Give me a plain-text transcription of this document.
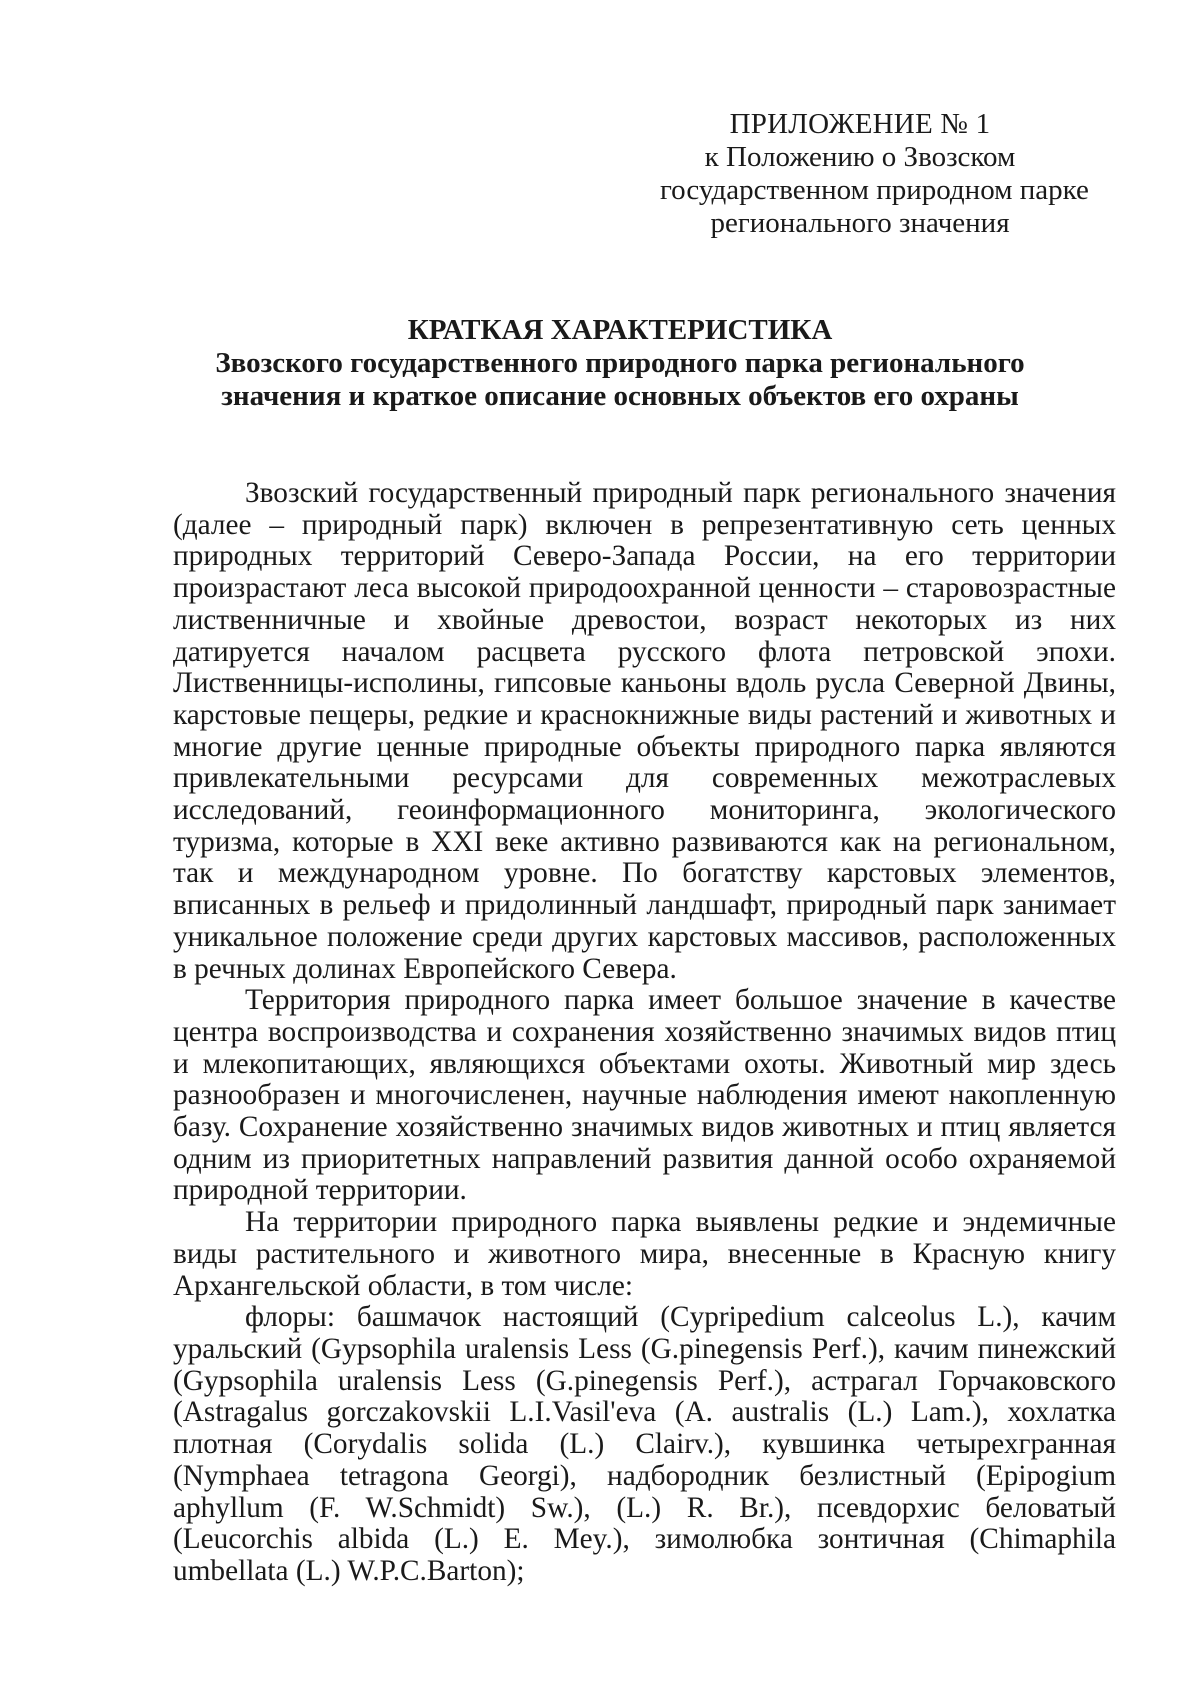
ПРИЛОЖЕНИЕ № 1
к Положению о Звозском
государственном природном парке
регионального значения
КРАТКАЯ ХАРАКТЕРИСТИКА
Звозского государственного природного парка регионального
значения и краткое описание основных объектов его охраны

Звозский государственный природный парк регионального значения (далее – природный парк) включен в репрезентативную сеть ценных природных территорий Северо-Запада России, на его территории произрастают леса высокой природоохранной ценности – старовозрастные лиственничные и хвойные древостои, возраст некоторых из них датируется началом расцвета русского флота петровской эпохи. Лиственницы-исполины, гипсовые каньоны вдоль русла Северной Двины, карстовые пещеры, редкие и краснокнижные виды растений и животных и многие другие ценные природные объекты природного парка являются привлекательными ресурсами для современных межотраслевых исследований, геоинформационного мониторинга, экологического туризма, которые в XXI веке активно развиваются как на региональном, так и международном уровне. По богатству карстовых элементов, вписанных в рельеф и придолинный ландшафт, природный парк занимает уникальное положение среди других карстовых массивов, расположенных в речных долинах Европейского Севера.

Территория природного парка имеет большое значение в качестве центра воспроизводства и сохранения хозяйственно значимых видов птиц и млекопитающих, являющихся объектами охоты. Животный мир здесь разнообразен и многочисленен, научные наблюдения имеют накопленную базу. Сохранение хозяйственно значимых видов животных и птиц является одним из приоритетных направлений развития данной особо охраняемой природной территории.

На территории природного парка выявлены редкие и эндемичные виды растительного и животного мира, внесенные в Красную книгу Архангельской области, в том числе:

флоры: башмачок настоящий (Cypripedium calceolus L.), качим уральский (Gypsophila uralensis Less (G.pinegensis Perf.), качим пинежский (Gypsophila uralensis Less (G.pinegensis Perf.), астрагал Горчаковского (Astragalus gorczakovskii L.I.Vasil'eva (A. australis (L.) Lam.), хохлатка плотная (Corydalis solida (L.) Clairv.), кувшинка четырехгранная (Nymphaea tetragona Georgi), надбородник безлистный (Epipogium aphyllum (F. W.Schmidt) Sw.), (L.) R. Br.), псевдорхис беловатый (Leucorchis albida (L.) E. Mey.), зимолюбка зонтичная (Chimaphila umbellata (L.) W.P.C.Barton);
